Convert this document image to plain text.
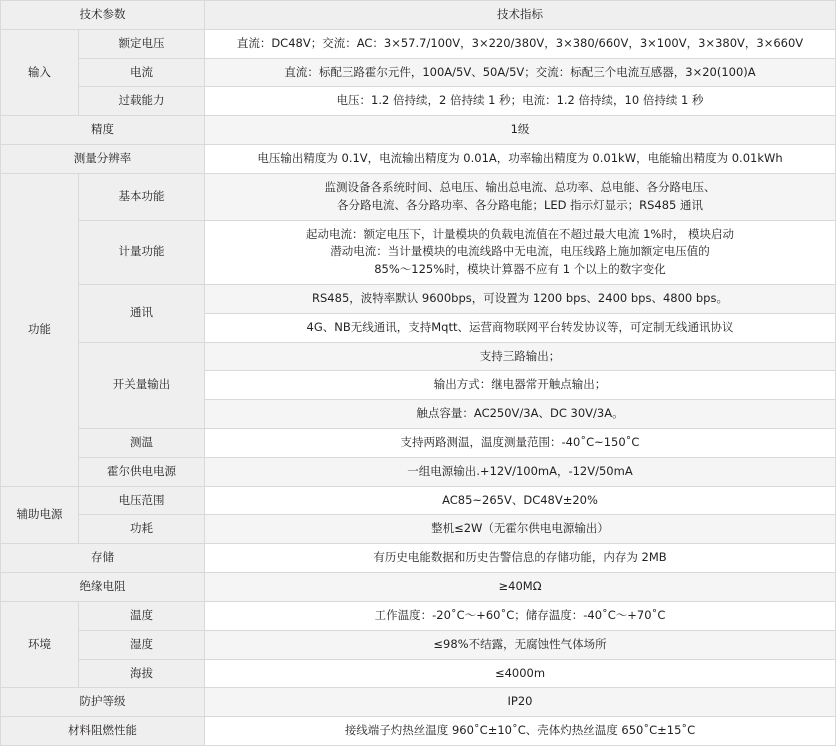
技术参数		技术指标
输入	额定电压	直流：DC48V；交流：AC：3×57.7/100V，3×220/380V，3×380/660V，3×100V，3×380V，3×660V
	电流	直流：标配三路霍尔元件，100A/5V、50A/5V；交流：标配三个电流互感器，3×20(100)A
	过载能力	电压：1.2 倍持续，2 倍持续 1 秒；电流：1.2 倍持续，10 倍持续 1 秒
精度		1级
测量分辨率		电压输出精度为 0.1V，电流输出精度为 0.01A，功率输出精度为 0.01kW，电能输出精度为 0.01kWh
功能	基本功能	监测设备各系统时间、总电压、输出总电流、总功率、总电能、各分路电压、
各分路电流、各分路功率、各分路电能；LED 指示灯显示；RS485 通讯

	计量功能	起动电流：额定电压下，计量模块的负载电流值在不超过最大电流 1%时， 模块启动
潜动电流：当计量模块的电流线路中无电流，电压线路上施加额定电压值的
85%～125%时，模块计算器不应有 1 个以上的数字变化

	通讯	RS485，波特率默认 9600bps，可设置为 1200 bps、2400 bps、4800 bps。
		4G、NB无线通讯，支持Mqtt、运营商物联网平台转发协议等，可定制无线通讯协议
	开关量输出	支持三路输出；
		输出方式：继电器常开触点输出；
		触点容量：AC250V/3A、DC 30V/3A。
	测温	支持两路测温，温度测量范围：-40˚C~150˚C
	霍尔供电电源	一组电源输出.+12V/100mA，-12V/50mA
辅助电源	电压范围	AC85~265V、DC48V±20%
	功耗	整机≤2W（无霍尔供电电源输出）
存储		有历史电能数据和历史告警信息的存储功能，内存为 2MB
绝缘电阻		≥40MΩ
环境	温度	工作温度：-20˚C～+60˚C；储存温度：-40˚C～+70˚C
	湿度	≤98%不结露，无腐蚀性气体场所
	海拔	≤4000m
防护等级		IP20
材料阻燃性能		接线端子灼热丝温度 960˚C±10˚C、壳体灼热丝温度 650˚C±15˚C
